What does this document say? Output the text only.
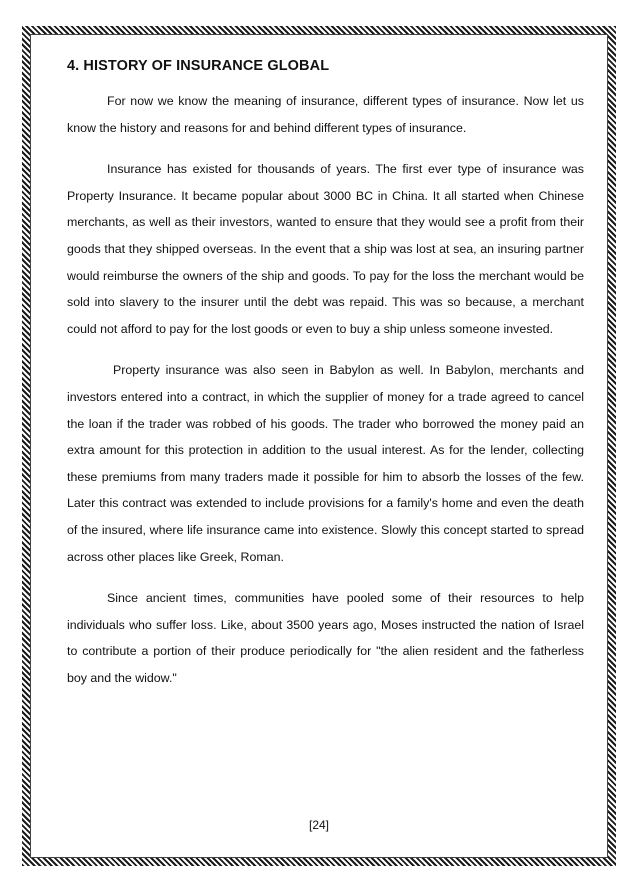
4. HISTORY OF INSURANCE GLOBAL

For now we know the meaning of insurance, different types of insurance. Now let us know the history and reasons for and behind different types of insurance.

Insurance has existed for thousands of years. The first ever type of insurance was Property Insurance. It became popular about 3000 BC in China. It all started when Chinese merchants, as well as their investors, wanted to ensure that they would see a profit from their goods that they shipped overseas. In the event that a ship was lost at sea, an insuring partner would reimburse the owners of the ship and goods. To pay for the loss the merchant would be sold into slavery to the insurer until the debt was repaid. This was so because, a merchant could not afford to pay for the lost goods or even to buy a ship unless someone invested.

Property insurance was also seen in Babylon as well. In Babylon, merchants and investors entered into a contract, in which the supplier of money for a trade agreed to cancel the loan if the trader was robbed of his goods. The trader who borrowed the money paid an extra amount for this protection in addition to the usual interest. As for the lender, collecting these premiums from many traders made it possible for him to absorb the losses of the few. Later this contract was extended to include provisions for a family's home and even the death of the insured, where life insurance came into existence. Slowly this concept started to spread across other places like Greek, Roman.

Since ancient times, communities have pooled some of their resources to help individuals who suffer loss. Like, about 3500 years ago, Moses instructed the nation of Israel to contribute a portion of their produce periodically for "the alien resident and the fatherless boy and the widow."

[24]
